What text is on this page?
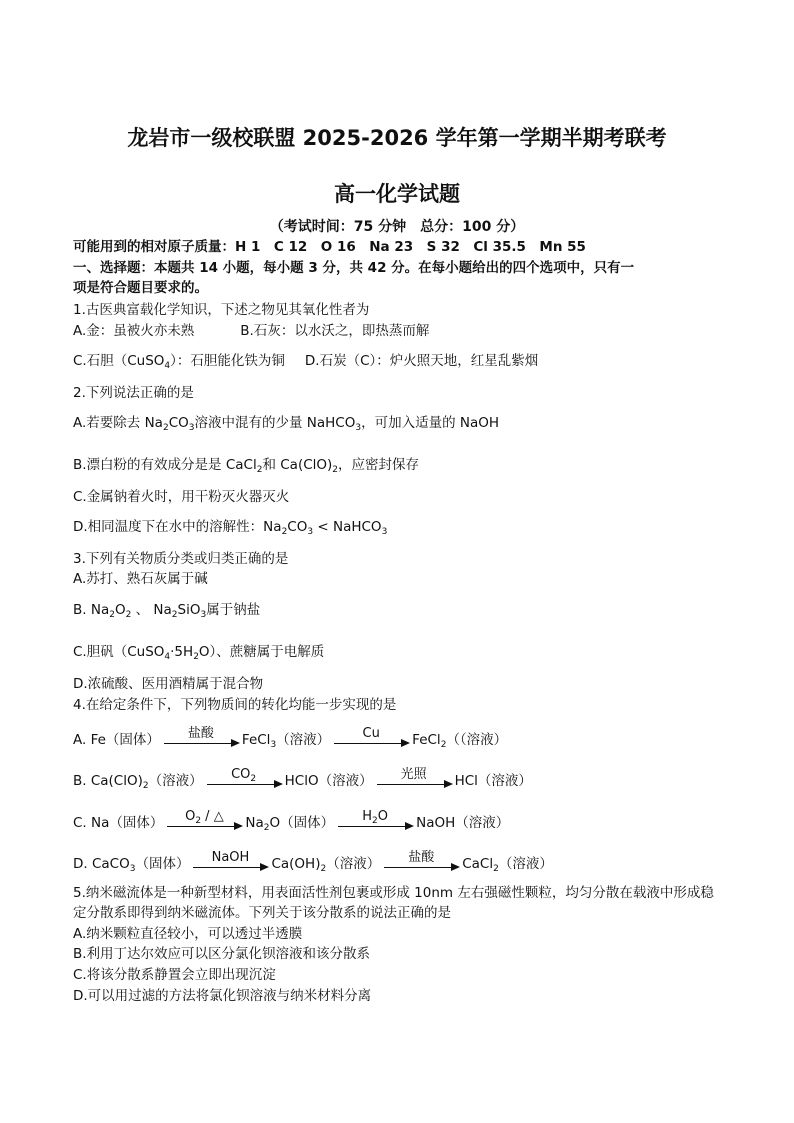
龙岩市一级校联盟 2025-2026 学年第一学期半期考联考
高一化学试题
（考试时间：75 分钟　总分：100 分）
可能用到的相对原子质量：H 1　C 12　O 16　Na 23　S 32　Cl 35.5　Mn 55
一、选择题：本题共 14 小题，每小题 3 分，共 42 分。在每小题给出的四个选项中，只有一
项是符合题目要求的。
1.古医典富载化学知识，下述之物见其氧化性者为
A.金：虽被火亦未熟	B.石灰：以水沃之，即热蒸而解
C.石胆（CuSO$_4$）：石胆能化铁为铜 D.石炭（C）：炉火照天地，红星乱紫烟
2.下列说法正确的是
A.若要除去 $Na_2CO_3$溶液中混有的少量 NaHCO$_3$，可加入适量的 NaOH
B.漂白粉的有效成分是是 CaCl$_2$和 $Ca(ClO)_2$，应密封保存
C.金属钠着火时，用干粉灭火器灭火
D.相同温度下在水中的溶解性：$Na_2CO_3$ < NaHCO$_3$
3.下列有关物质分类或归类正确的是
A.苏打、熟石灰属于碱
B. $Na_2O_2$ 、 $Na_2SiO_3$属于钠盐
C.胆矾$(CuSO_4\cdot 5H_2O)$、蔗糖属于电解质
D.浓硫酸、医用酒精属于混合物
4.在给定条件下，下列物质间的转化均能一步实现的是
A. Fe（固体）	盐酸	FeCl$_3$（溶液）	Cu	FeCl$_2$（（溶液）
B. $Ca(ClO)_2$（溶液）	$CO_2$	HClO（溶液）	光照	HCl（溶液）
C. Na（固体）	$O_2$ / △	$Na_2O$（固体）	$H_2O$	NaOH（溶液）
D. CaCO$_3$（固体）	NaOH	$Ca(OH)_2$（溶液）	盐酸	CaCl$_2$（溶液）
5.纳米磁流体是一种新型材料，用表面活性剂包裹或形成 10nm 左右强磁性颗粒，均匀分散在载液中形成稳
定分散系即得到纳米磁流体。下列关于该分散系的说法正确的是
A.纳米颗粒直径较小，可以透过半透膜
B.利用丁达尔效应可以区分氯化钡溶液和该分散系
C.将该分散系静置会立即出现沉淀
D.可以用过滤的方法将氯化钡溶液与纳米材料分离
